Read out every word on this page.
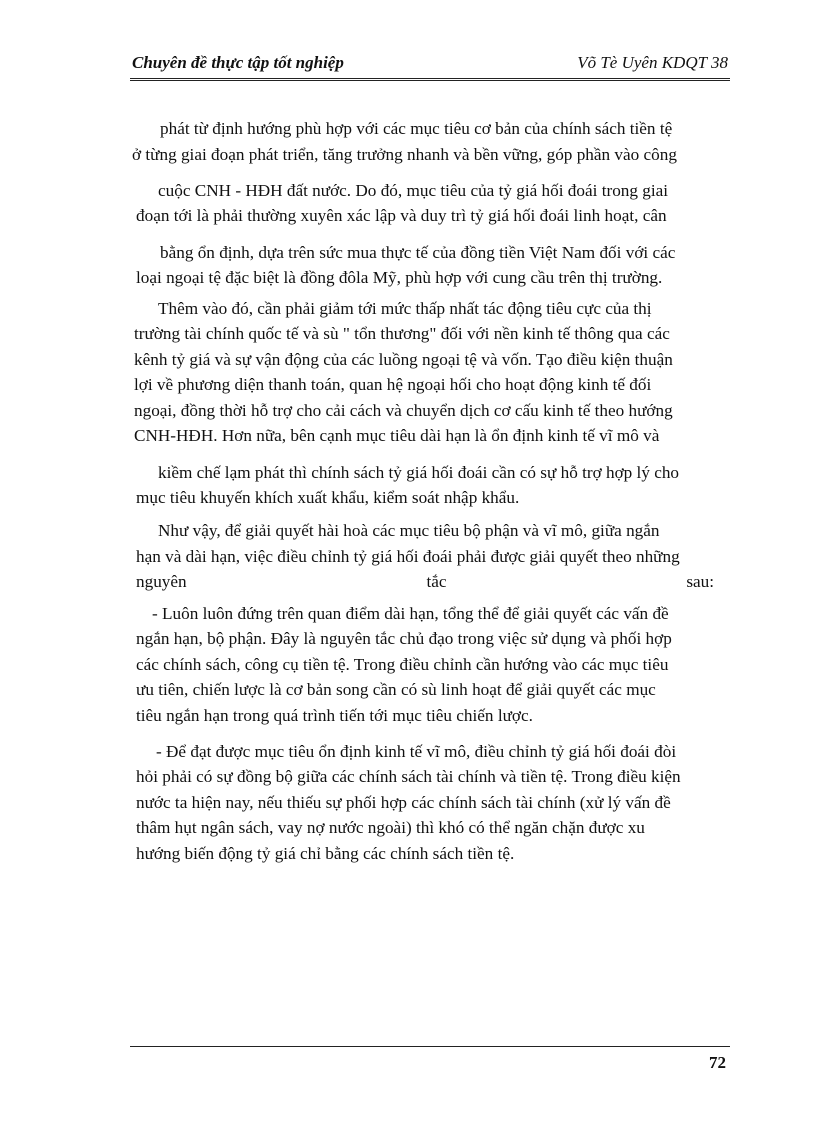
Chuyên đề thực tập tốt nghiệp	Võ Tè Uyên KDQT 38
phát từ định hướng phù hợp với các mục tiêu cơ bản của chính sách tiền tệ
ở từng giai đoạn phát triển, tăng trưởng nhanh và bền vững, góp phần vào công
cuộc CNH - HĐH đất nước. Do đó, mục tiêu của tỷ giá hối đoái trong giai
đoạn tới là phải thường xuyên xác lập và duy trì tỷ giá hối đoái linh hoạt, cân
bằng ổn định, dựa trên sức mua thực tế của đồng tiền Việt Nam đối với các
loại ngoại tệ đặc biệt là đồng đôla Mỹ, phù hợp với cung cầu trên thị trường.
Thêm vào đó, cần phải giảm tới mức thấp nhất tác động tiêu cực của thị
trường tài chính quốc tế và sù " tổn thương" đối với nền kinh tế thông qua các
kênh tỷ giá và sự vận động của các luồng ngoại tệ và vốn. Tạo điều kiện thuận
lợi về phương diện thanh toán, quan hệ ngoại hối cho hoạt động kinh tế đối
ngoại, đồng thời hỗ trợ cho cải cách và chuyển dịch cơ cấu kinh tế theo hướng
CNH-HĐH. Hơn nữa, bên cạnh mục tiêu dài hạn là ổn định kinh tế vĩ mô và
kiềm chế lạm phát thì chính sách tỷ giá hối đoái cần có sự hỗ trợ hợp lý cho
mục tiêu khuyến khích xuất khẩu, kiểm soát nhập khẩu.
Như vậy, để giải quyết hài hoà các mục tiêu bộ phận và vĩ mô, giữa ngắn
hạn và dài hạn, việc điều chỉnh tỷ giá hối đoái phải được giải quyết theo những
nguyên	tắc	sau:
- Luôn luôn đứng trên quan điểm dài hạn, tổng thể để giải quyết các vấn đề
ngắn hạn, bộ phận. Đây là nguyên tắc chủ đạo trong việc sử dụng và phối hợp
các chính sách, công cụ tiền tệ. Trong điều chỉnh cần hướng vào các mục tiêu
ưu tiên, chiến lược là cơ bản song cần có sù linh hoạt để giải quyết các mục
tiêu ngắn hạn trong quá trình tiến tới mục tiêu chiến lược.
- Để đạt được mục tiêu ổn định kinh tế vĩ mô, điều chỉnh tỷ giá hối đoái đòi
hỏi phải có sự đồng bộ giữa các chính sách tài chính và tiền tệ. Trong điều kiện
nước ta hiện nay, nếu thiếu sự phối hợp các chính sách tài chính (xử lý vấn đề
thâm hụt ngân sách, vay nợ nước ngoài) thì khó có thể ngăn chặn được xu
hướng biến động tỷ giá chỉ bằng các chính sách tiền tệ.
72
